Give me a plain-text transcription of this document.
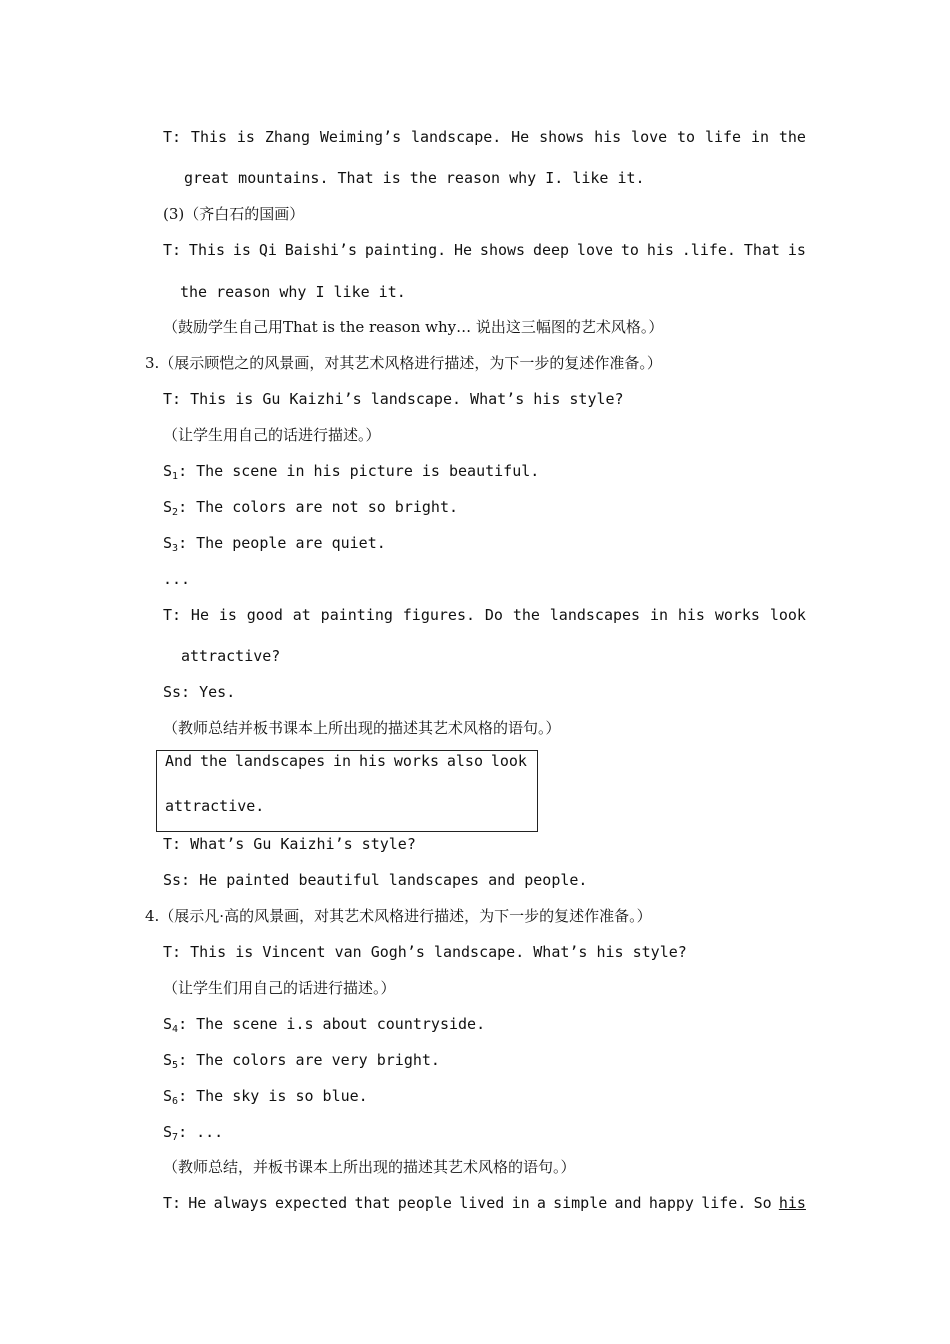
T: This is Zhang Weiming’s landscape. He shows his love to life in the
great mountains. That is the reason why I. like it.
(3)（齐白石的国画）
T: This is Qi Baishi’s painting. He shows deep love to his .life. That is
the reason why I like it.
（鼓励学生自己用That is the reason why… 说出这三幅图的艺术风格。）
3.（展示顾恺之的风景画，对其艺术风格进行描述，为下一步的复述作准备。）
T: This is Gu Kaizhi’s landscape. What’s his style?
（让学生用自己的话进行描述。）
$S_1$: The scene in his picture is beautiful.
$S_2$: The colors are not so bright.
$S_3$: The people are quiet.
...
T: He is good at painting figures. Do the landscapes in his works look
attractive?
Ss: Yes.
（教师总结并板书课本上所出现的描述其艺术风格的语句。）
And the landscapes in his works also look
attractive.
T: What’s Gu Kaizhi’s style?
Ss: He painted beautiful landscapes and people.
4.（展示凡·高的风景画，对其艺术风格进行描述，为下一步的复述作准备。）
T: This is Vincent van Gogh’s landscape. What’s his style?
（让学生们用自己的话进行描述。）
$S_4$: The scene i.s about countryside.
$S_5$: The colors are very bright.
$S_6$: The sky is so blue.
$S_7$: ...
（教师总结，并板书课本上所出现的描述其艺术风格的语句。）
T: He always expected that people lived in a simple and happy life. So his
